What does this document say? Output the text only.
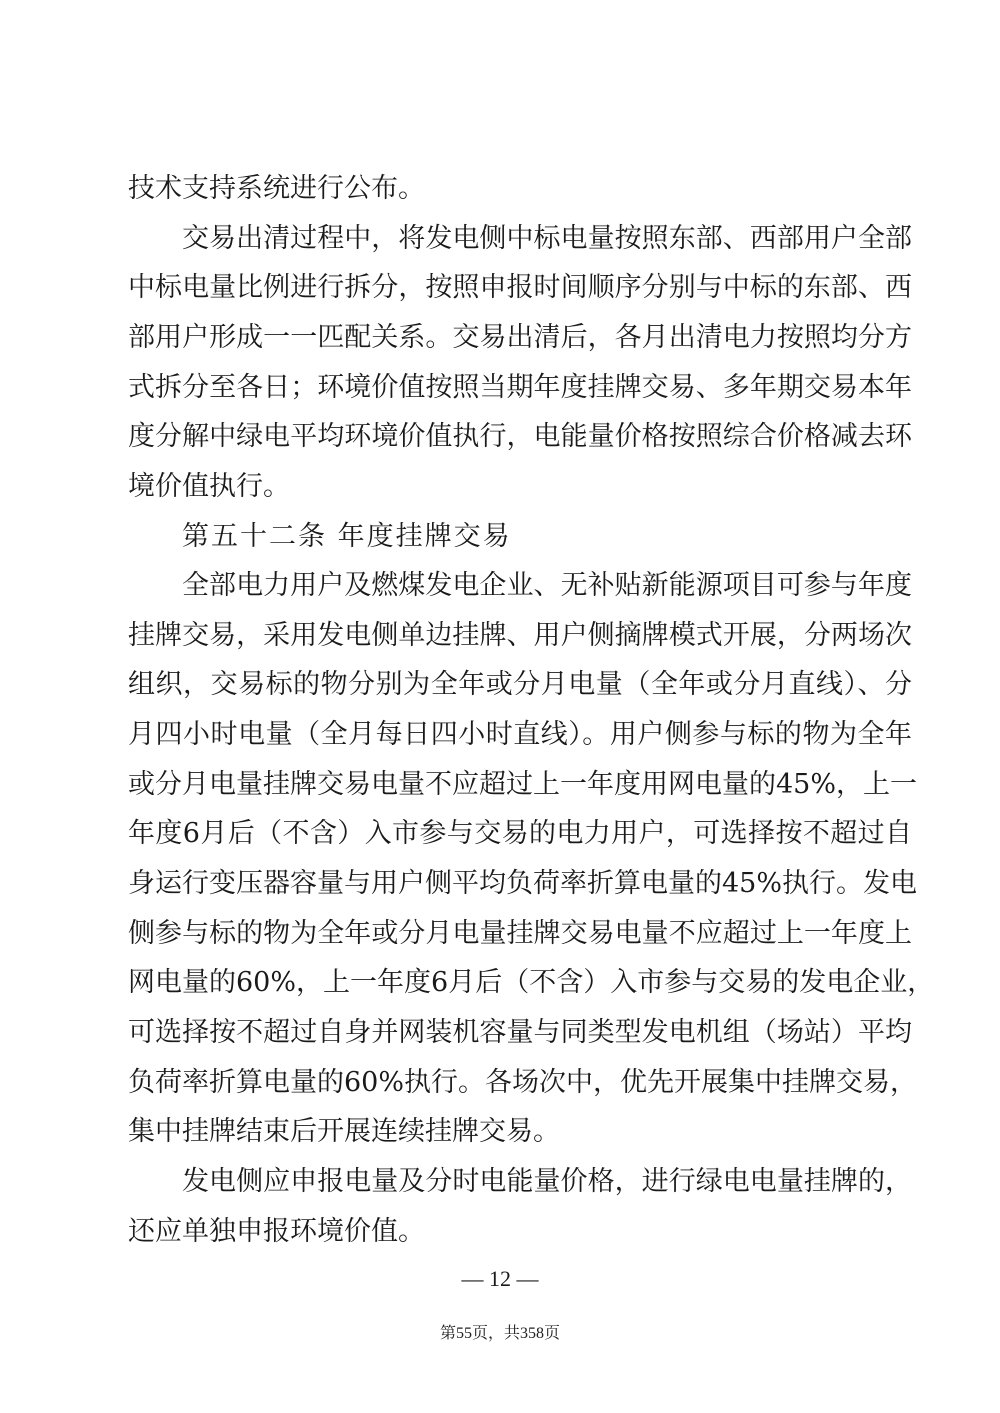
技术支持系统进行公布。
交易出清过程中，将发电侧中标电量按照东部、西部用户全部
中标电量比例进行拆分，按照申报时间顺序分别与中标的东部、西
部用户形成一一匹配关系。交易出清后，各月出清电力按照均分方
式拆分至各日；环境价值按照当期年度挂牌交易、多年期交易本年
度分解中绿电平均环境价值执行，电能量价格按照综合价格减去环
境价值执行。
第五十二条 年度挂牌交易
全部电力用户及燃煤发电企业、无补贴新能源项目可参与年度
挂牌交易，采用发电侧单边挂牌、用户侧摘牌模式开展，分两场次
组织，交易标的物分别为全年或分月电量（全年或分月直线）、分
月四小时电量（全月每日四小时直线）。用户侧参与标的物为全年
或分月电量挂牌交易电量不应超过上一年度用网电量的45%，上一
年度6月后（不含）入市参与交易的电力用户，可选择按不超过自
身运行变压器容量与用户侧平均负荷率折算电量的45%执行。发电
侧参与标的物为全年或分月电量挂牌交易电量不应超过上一年度上
网电量的60%，上一年度6月后（不含）入市参与交易的发电企业，
可选择按不超过自身并网装机容量与同类型发电机组（场站）平均
负荷率折算电量的60%执行。各场次中，优先开展集中挂牌交易，
集中挂牌结束后开展连续挂牌交易。
发电侧应申报电量及分时电能量价格，进行绿电电量挂牌的，
还应单独申报环境价值。
— 12 —
第55页，共358页
